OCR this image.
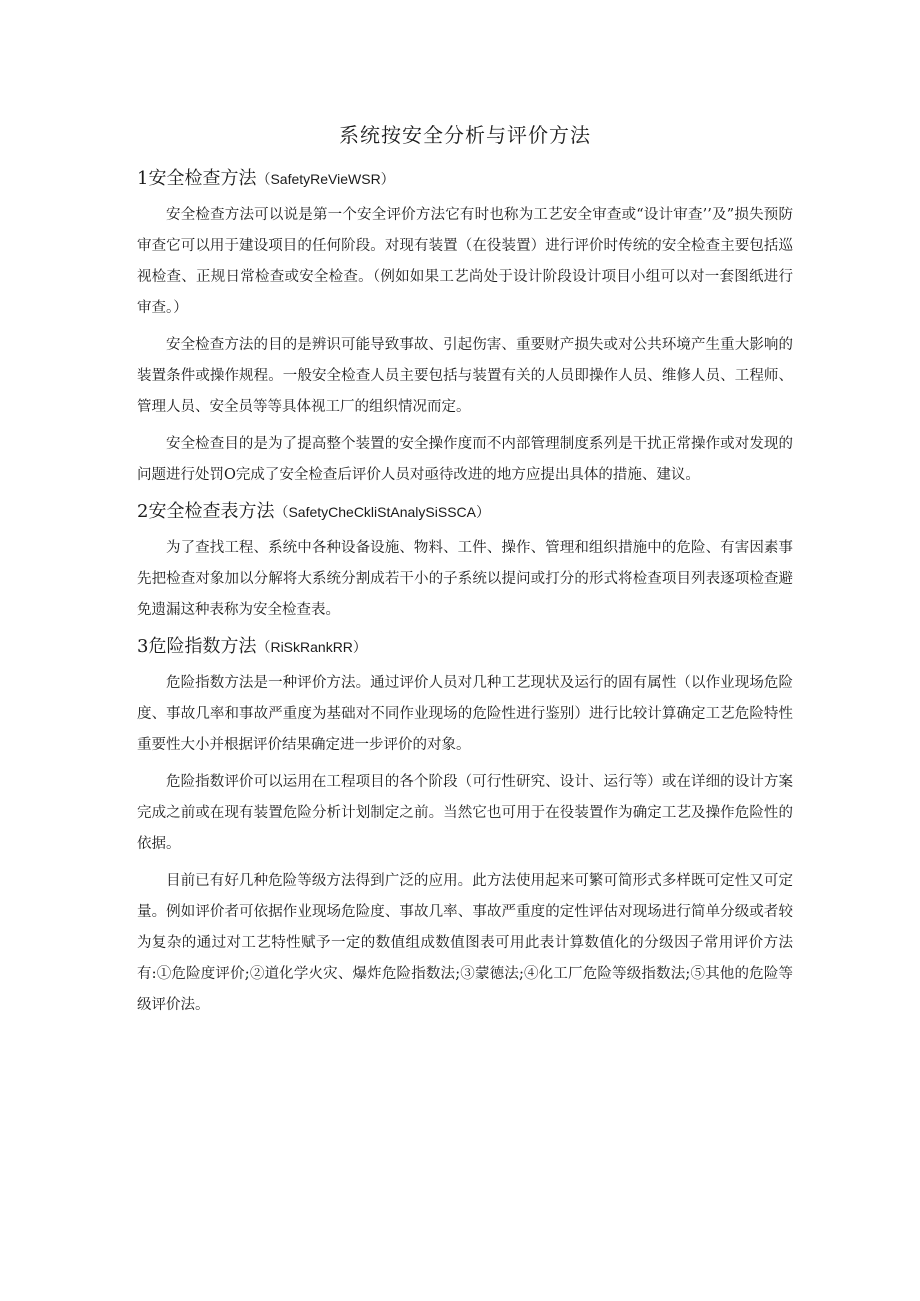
系统按安全分析与评价方法
1安全检查方法（SafetyReVieWSR）

安全检查方法可以说是第一个安全评价方法它有时也称为工艺安全审查或“设计审查’’及”损失预防审查它可以用于建设项目的任何阶段。对现有装置（在役装置）进行评价时传统的安全检查主要包括巡视检查、正规日常检查或安全检查。（例如如果工艺尚处于设计阶段设计项目小组可以对一套图纸进行审查。）

安全检查方法的目的是辨识可能导致事故、引起伤害、重要财产损失或对公共环境产生重大影响的装置条件或操作规程。一般安全检查人员主要包括与装置有关的人员即操作人员、维修人员、工程师、管理人员、安全员等等具体视工厂的组织情况而定。

安全检查目的是为了提高整个装置的安全操作度而不内部管理制度系列是干扰正常操作或对发现的问题进行处罚O完成了安全检查后评价人员对亟待改进的地方应提出具体的措施、建议。

2安全检查表方法（SafetyCheCkliStAnalySiSSCA）

为了查找工程、系统中各种设备设施、物料、工件、操作、管理和组织措施中的危险、有害因素事先把检查对象加以分解将大系统分割成若干小的子系统以提问或打分的形式将检查项目列表逐项检查避免遗漏这种表称为安全检查表。

3危险指数方法（RiSkRankRR）

危险指数方法是一种评价方法。通过评价人员对几种工艺现状及运行的固有属性（以作业现场危险度、事故几率和事故严重度为基础对不同作业现场的危险性进行鉴别）进行比较计算确定工艺危险特性重要性大小并根据评价结果确定进一步评价的对象。

危险指数评价可以运用在工程项目的各个阶段（可行性研究、设计、运行等）或在详细的设计方案完成之前或在现有装置危险分析计划制定之前。当然它也可用于在役装置作为确定工艺及操作危险性的依据。

目前已有好几种危险等级方法得到广泛的应用。此方法使用起来可繁可简形式多样既可定性又可定量。例如评价者可依据作业现场危险度、事故几率、事故严重度的定性评估对现场进行简单分级或者较为复杂的通过对工艺特性赋予一定的数值组成数值图表可用此表计算数值化的分级因子常用评价方法有:①危险度评价;②道化学火灾、爆炸危险指数法;③蒙德法;④化工厂危险等级指数法;⑤其他的危险等级评价法。
